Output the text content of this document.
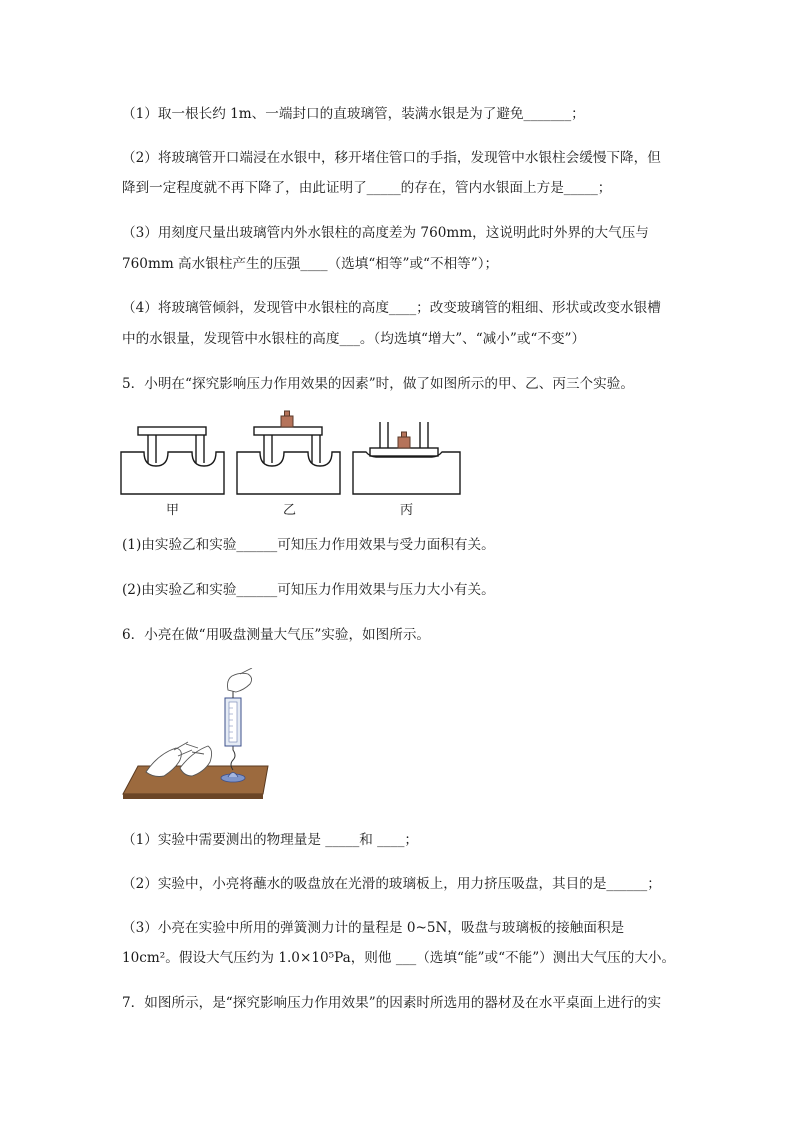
（1）取一根长约 1m、一端封口的直玻璃管，装满水银是为了避免_______；
（2）将玻璃管开口端浸在水银中，移开堵住管口的手指，发现管中水银柱会缓慢下降，但
降到一定程度就不再下降了，由此证明了_____的存在，管内水银面上方是_____；
（3）用刻度尺量出玻璃管内外水银柱的高度差为 760mm，这说明此时外界的大气压与
760mm 高水银柱产生的压强____（选填“相等”或“不相等”）；
（4）将玻璃管倾斜，发现管中水银柱的高度____；改变玻璃管的粗细、形状或改变水银槽
中的水银量，发现管中水银柱的高度___。（均选填“增大”、“减小”或“不变”）
5．小明在“探究影响压力作用效果的因素”时，做了如图所示的甲、乙、丙三个实验。
甲	乙	丙
(1)由实验乙和实验______可知压力作用效果与受力面积有关。
(2)由实验乙和实验______可知压力作用效果与压力大小有关。
6．小亮在做“用吸盘测量大气压”实验，如图所示。
（1）实验中需要测出的物理量是 _____和 ____；
（2）实验中，小亮将蘸水的吸盘放在光滑的玻璃板上，用力挤压吸盘，其目的是______；
（3）小亮在实验中所用的弹簧测力计的量程是 0~5N，吸盘与玻璃板的接触面积是
10cm²。假设大气压约为 1.0×10⁵Pa，则他 ___（选填“能”或“不能”）测出大气压的大小。
7．如图所示，是“探究影响压力作用效果”的因素时所选用的器材及在水平桌面上进行的实
